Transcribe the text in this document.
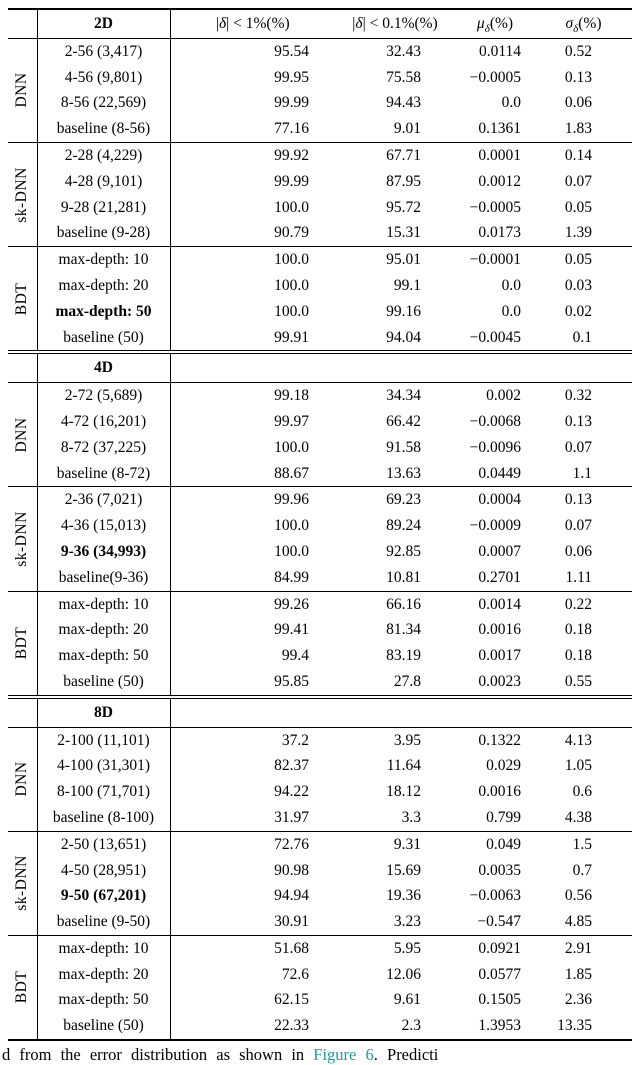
	2D	|δ| < 1%(%)	|δ| < 0.1%(%)	$\mu_\delta(\%)$	$\sigma_\delta(\%)$

DNN	2-56 (3,417)	95.54	32.43	0.0114	0.52
	4-56 (9,801)	99.95	75.58	−0.0005	0.13
	8-56 (22,569)	99.99	94.43	0.0	0.06
	baseline (8-56)	77.16	9.01	0.1361	1.83

sk-DNN	2-28 (4,229)	99.92	67.71	0.0001	0.14
	4-28 (9,101)	99.99	87.95	0.0012	0.07
	9-28 (21,281)	100.0	95.72	−0.0005	0.05
	baseline (9-28)	90.79	15.31	0.0173	1.39

BDT	max-depth: 10	100.0	95.01	−0.0001	0.05
	max-depth: 20	100.0	99.1	0.0	0.03
	max-depth: 50	100.0	99.16	0.0	0.02
	baseline (50)	99.91	94.04	−0.0045	0.1
	4D				

DNN	2-72 (5,689)	99.18	34.34	0.002	0.32
	4-72 (16,201)	99.97	66.42	−0.0068	0.13
	8-72 (37,225)	100.0	91.58	−0.0096	0.07
	baseline (8-72)	88.67	13.63	0.0449	1.1

sk-DNN	2-36 (7,021)	99.96	69.23	0.0004	0.13
	4-36 (15,013)	100.0	89.24	−0.0009	0.07
	9-36 (34,993)	100.0	92.85	0.0007	0.06
	baseline(9-36)	84.99	10.81	0.2701	1.11

BDT	max-depth: 10	99.26	66.16	0.0014	0.22
	max-depth: 20	99.41	81.34	0.0016	0.18
	max-depth: 50	99.4	83.19	0.0017	0.18
	baseline (50)	95.85	27.8	0.0023	0.55
	8D				

DNN	2-100 (11,101)	37.2	3.95	0.1322	4.13
	4-100 (31,301)	82.37	11.64	0.029	1.05
	8-100 (71,701)	94.22	18.12	0.0016	0.6
	baseline (8-100)	31.97	3.3	0.799	4.38

sk-DNN	2-50 (13,651)	72.76	9.31	0.049	1.5
	4-50 (28,951)	90.98	15.69	0.0035	0.7
	9-50 (67,201)	94.94	19.36	−0.0063	0.56
	baseline (9-50)	30.91	3.23	−0.547	4.85

BDT	max-depth: 10	51.68	5.95	0.0921	2.91
	max-depth: 20	72.6	12.06	0.0577	1.85
	max-depth: 50	62.15	9.61	0.1505	2.36
	baseline (50)	22.33	2.3	1.3953	13.35
d from the error distribution as shown in Figure 6. Predicti
